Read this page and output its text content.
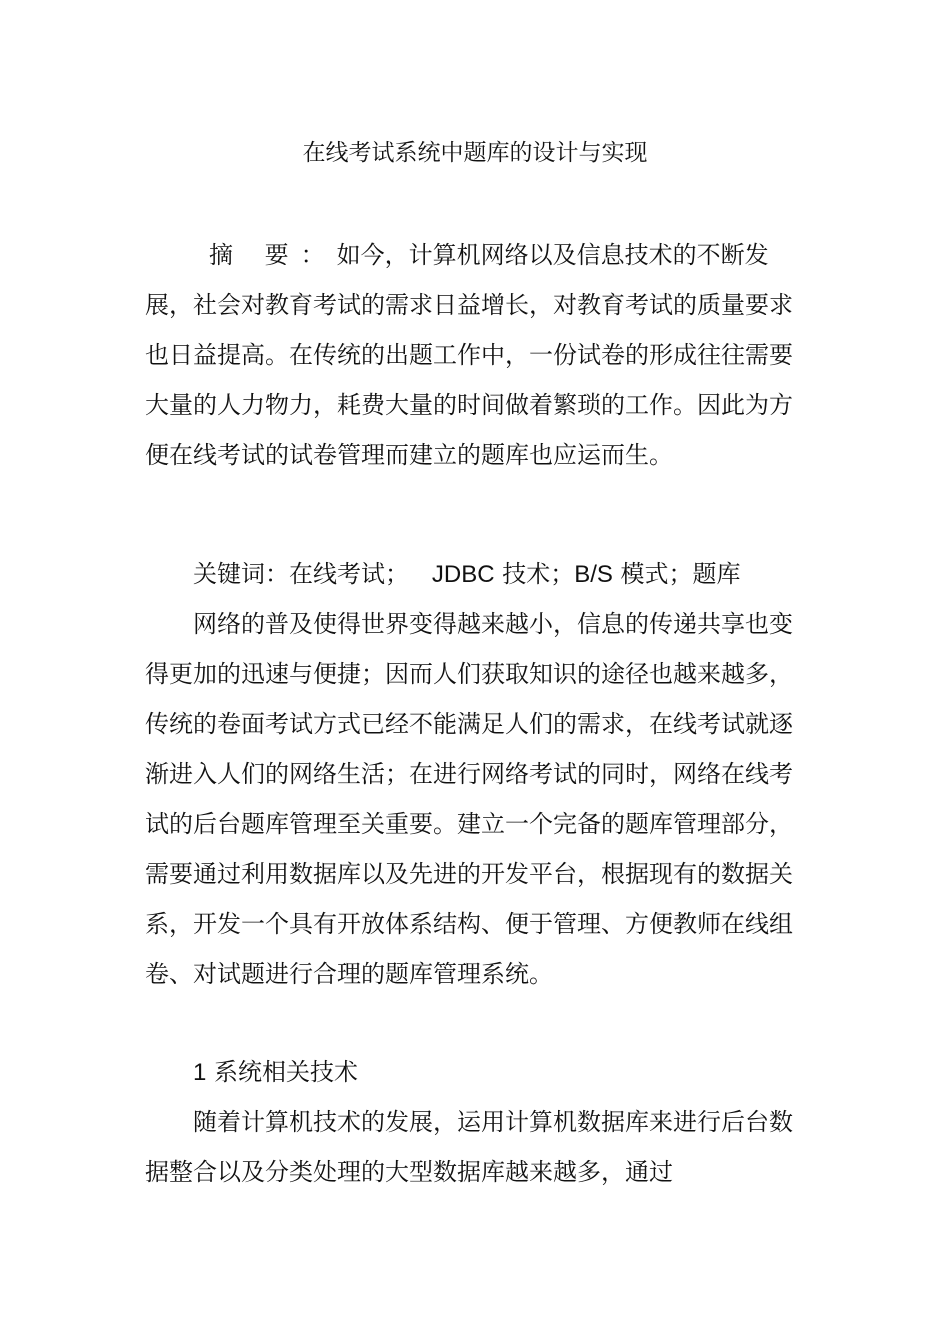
在线考试系统中题库的设计与实现

摘 要：如今，计算机网络以及信息技术的不断发展，社会对教育考试的需求日益增长，对教育考试的质量要求也日益提高。在传统的出题工作中，一份试卷的形成往往需要大量的人力物力，耗费大量的时间做着繁琐的工作。因此为方便在线考试的试卷管理而建立的题库也应运而生。

关键词：在线考试； JDBC 技术；B/S 模式；题库

网络的普及使得世界变得越来越小，信息的传递共享也变得更加的迅速与便捷；因而人们获取知识的途径也越来越多，传统的卷面考试方式已经不能满足人们的需求，在线考试就逐渐进入人们的网络生活；在进行网络考试的同时，网络在线考试的后台题库管理至关重要。建立一个完备的题库管理部分，需要通过利用数据库以及先进的开发平台，根据现有的数据关系，开发一个具有开放体系结构、便于管理、方便教师在线组卷、对试题进行合理的题库管理系统。

1 系统相关技术

随着计算机技术的发展，运用计算机数据库来进行后台数据整合以及分类处理的大型数据库越来越多，通过
